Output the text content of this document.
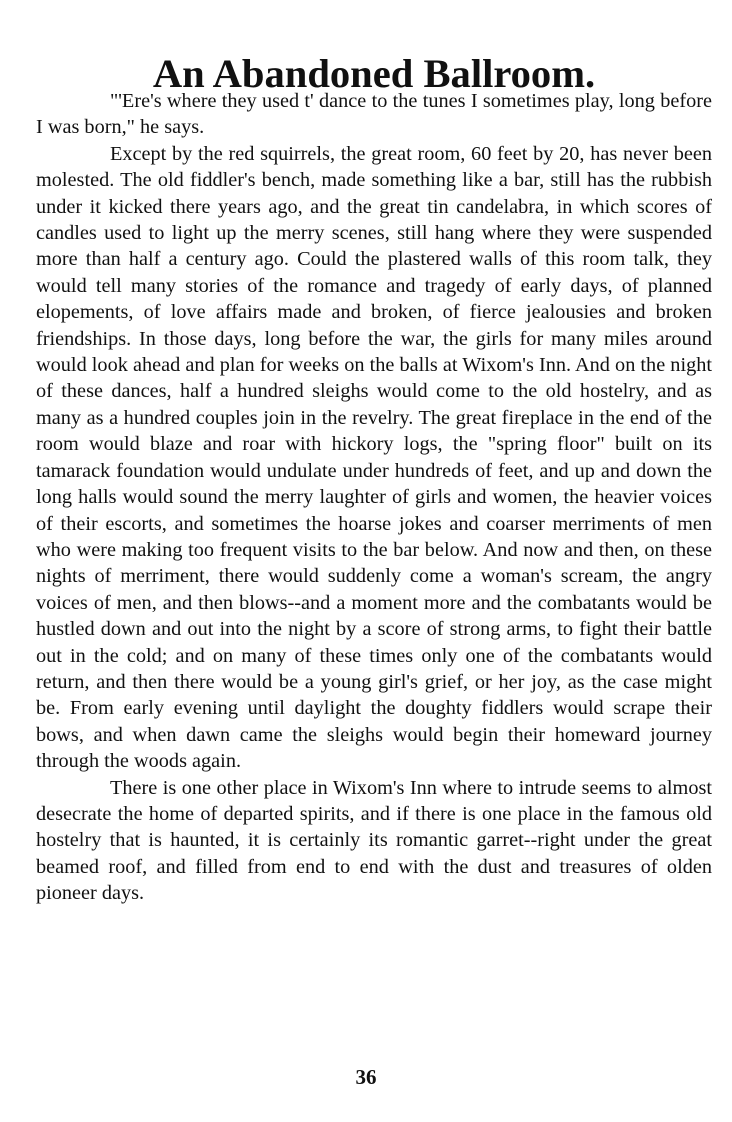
An Abandoned Ballroom.

"'Ere's where they used t' dance to the tunes I sometimes play, long before I was born," he says.

Except by the red squirrels, the great room, 60 feet by 20, has never been molested. The old fiddler's bench, made something like a bar, still has the rubbish under it kicked there years ago, and the great tin candelabra, in which scores of candles used to light up the merry scenes, still hang where they were suspended more than half a century ago. Could the plastered walls of this room talk, they would tell many stories of the romance and tragedy of early days, of planned elopements, of love affairs made and broken, of fierce jealousies and broken friendships. In those days, long before the war, the girls for many miles around would look ahead and plan for weeks on the balls at Wixom's Inn. And on the night of these dances, half a hundred sleighs would come to the old hostelry, and as many as a hundred couples join in the revelry. The great fireplace in the end of the room would blaze and roar with hickory logs, the "spring floor" built on its tamarack foundation would undulate under hundreds of feet, and up and down the long halls would sound the merry laughter of girls and women, the heavier voices of their escorts, and sometimes the hoarse jokes and coarser merriments of men who were making too frequent visits to the bar below. And now and then, on these nights of merriment, there would suddenly come a woman's scream, the angry voices of men, and then blows--and a moment more and the combatants would be hustled down and out into the night by a score of strong arms, to fight their battle out in the cold; and on many of these times only one of the combatants would return, and then there would be a young girl's grief, or her joy, as the case might be. From early evening until daylight the doughty fiddlers would scrape their bows, and when dawn came the sleighs would begin their homeward journey through the woods again.

There is one other place in Wixom's Inn where to intrude seems to almost desecrate the home of departed spirits, and if there is one place in the famous old hostelry that is haunted, it is certainly its romantic garret--right under the great beamed roof, and filled from end to end with the dust and treasures of olden pioneer days.

36
